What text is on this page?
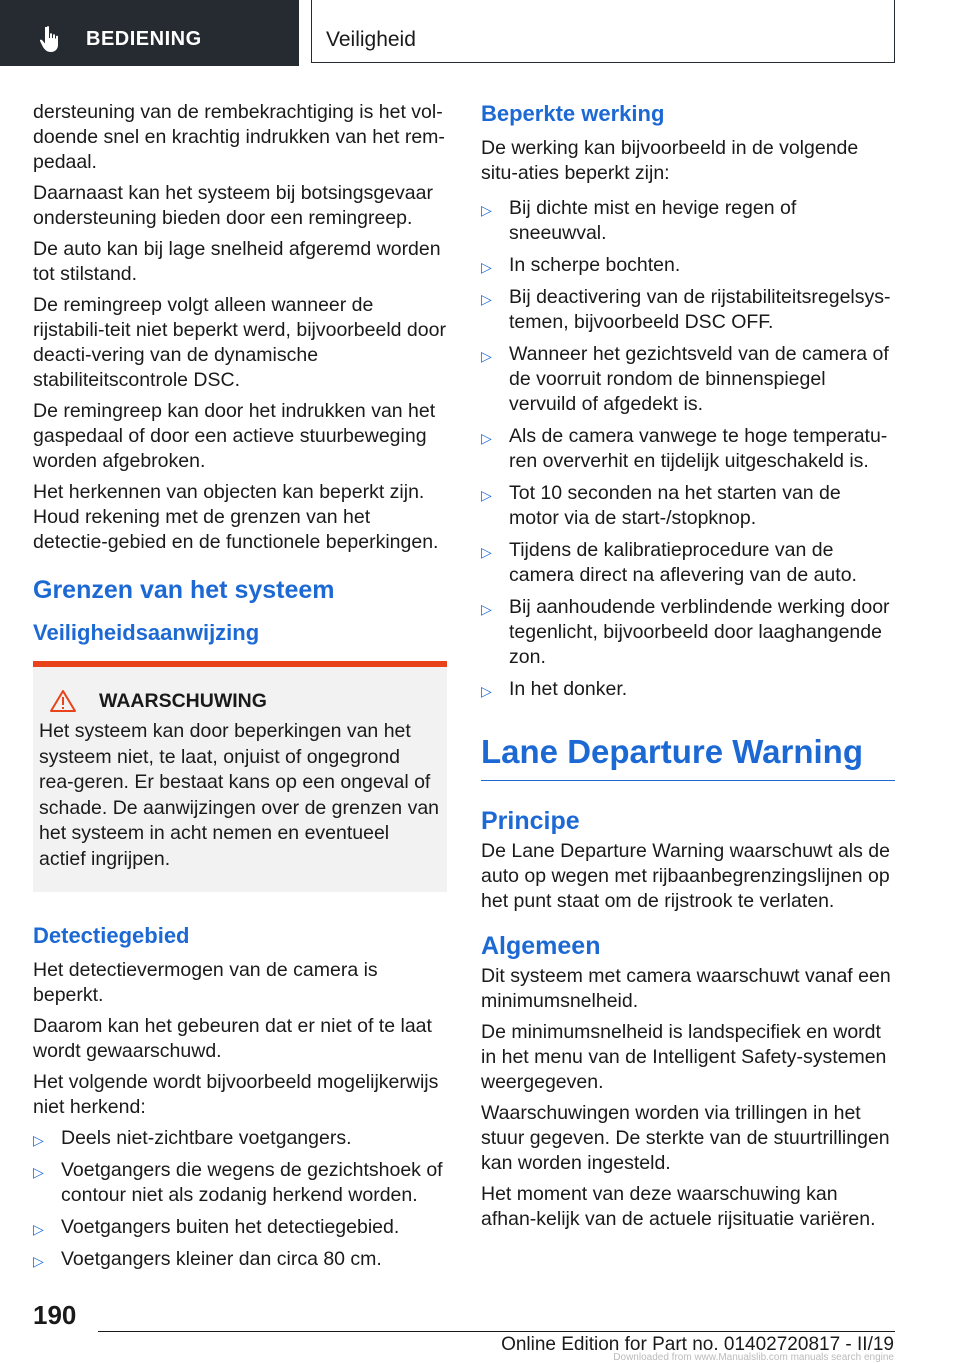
BEDIENING	Veiligheid

dersteuning van de rembekrachtiging is het vol-doende snel en krachtig indrukken van het rem-pedaal.

Daarnaast kan het systeem bij botsingsgevaar ondersteuning bieden door een remingreep.

De auto kan bij lage snelheid afgeremd worden tot stilstand.

De remingreep volgt alleen wanneer de rijstabili-teit niet beperkt werd, bijvoorbeeld door deacti-vering van de dynamische stabiliteitscontrole DSC.

De remingreep kan door het indrukken van het gaspedaal of door een actieve stuurbeweging worden afgebroken.

Het herkennen van objecten kan beperkt zijn. Houd rekening met de grenzen van het detectie-gebied en de functionele beperkingen.

Grenzen van het systeem
Veiligheidsaanwijzing
WAARSCHUWING
Het systeem kan door beperkingen van het systeem niet, te laat, onjuist of ongegrond rea-geren. Er bestaat kans op een ongeval of schade. De aanwijzingen over de grenzen van het systeem in acht nemen en eventueel actief ingrijpen.
Detectiegebied

Het detectievermogen van de camera is beperkt.

Daarom kan het gebeuren dat er niet of te laat wordt gewaarschuwd.

Het volgende wordt bijvoorbeeld mogelijkerwijs niet herkend:

▷ Deels niet-zichtbare voetgangers.
▷ Voetgangers die wegens de gezichtshoek of contour niet als zodanig herkend worden.
▷ Voetgangers buiten het detectiegebied.
▷ Voetgangers kleiner dan circa 80 cm.
Beperkte werking

De werking kan bijvoorbeeld in de volgende situ-aties beperkt zijn:

▷ Bij dichte mist en hevige regen of sneeuwval.
▷ In scherpe bochten.
▷ Bij deactivering van de rijstabiliteitsregelsys-temen, bijvoorbeeld DSC OFF.
▷ Wanneer het gezichtsveld van de camera of de voorruit rondom de binnenspiegel vervuild of afgedekt is.
▷ Als de camera vanwege te hoge temperatu-ren oververhit en tijdelijk uitgeschakeld is.
▷ Tot 10 seconden na het starten van de motor via de start-/stopknop.
▷ Tijdens de kalibratieprocedure van de camera direct na aflevering van de auto.
▷ Bij aanhoudende verblindende werking door tegenlicht, bijvoorbeeld door laaghangende zon.
▷ In het donker.
Lane Departure Warning
Principe

De Lane Departure Warning waarschuwt als de auto op wegen met rijbaanbegrenzingslijnen op het punt staat om de rijstrook te verlaten.

Algemeen

Dit systeem met camera waarschuwt vanaf een minimumsnelheid.

De minimumsnelheid is landspecifiek en wordt in het menu van de Intelligent Safety-systemen weergegeven.

Waarschuwingen worden via trillingen in het stuur gegeven. De sterkte van de stuurtrillingen kan worden ingesteld.

Het moment van deze waarschuwing kan afhan-kelijk van de actuele rijsituatie variëren.

190
Online Edition for Part no. 01402720817 - II/19
Downloaded from www.Manualslib.com manuals search engine
